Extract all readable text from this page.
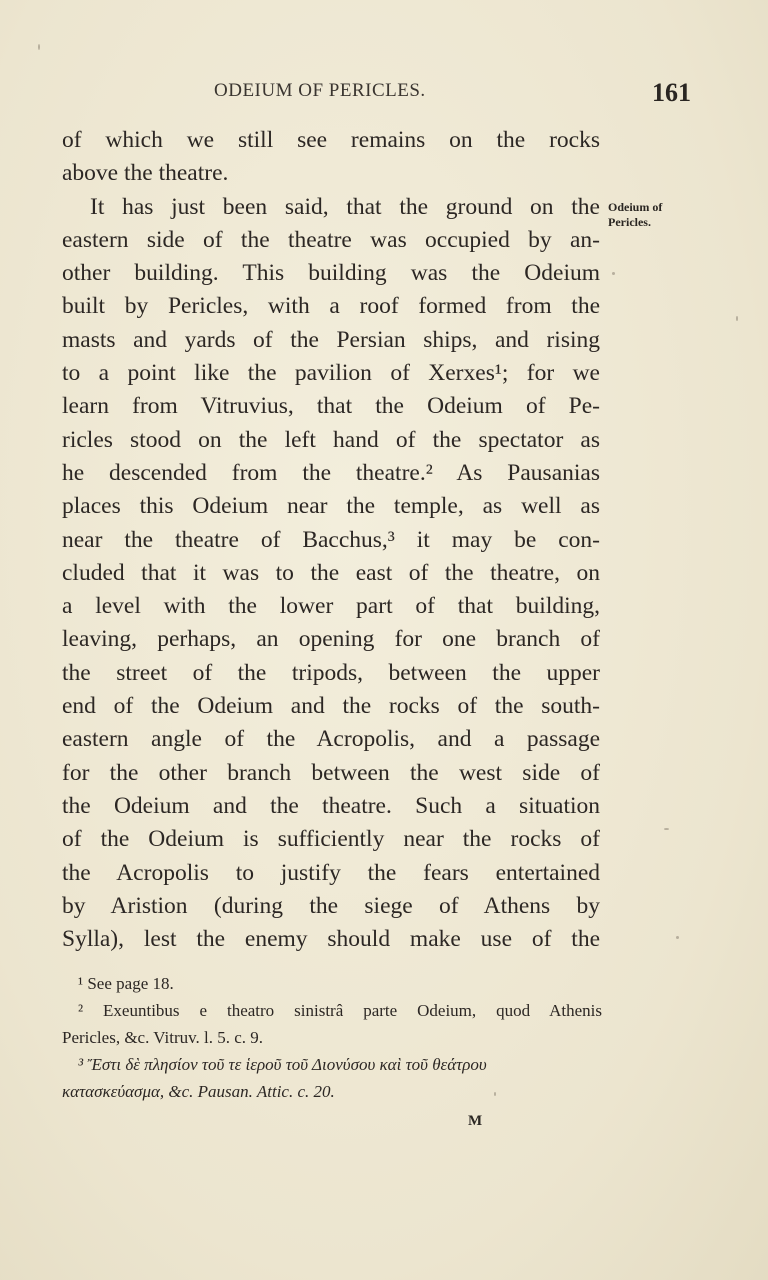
ODEIUM OF PERICLES.	161
Odeium of
Pericles.
of which we still see remains on the rocks
above the theatre.
It has just been said, that the ground on the
eastern side of the theatre was occupied by an-
other building. This building was the Odeium
built by Pericles, with a roof formed from the
masts and yards of the Persian ships, and rising
to a point like the pavilion of Xerxes¹; for we
learn from Vitruvius, that the Odeium of Pe-
ricles stood on the left hand of the spectator as
he descended from the theatre.² As Pausanias
places this Odeium near the temple, as well as
near the theatre of Bacchus,³ it may be con-
cluded that it was to the east of the theatre, on
a level with the lower part of that building,
leaving, perhaps, an opening for one branch of
the street of the tripods, between the upper
end of the Odeium and the rocks of the south-
eastern angle of the Acropolis, and a passage
for the other branch between the west side of
the Odeium and the theatre. Such a situation
of the Odeium is sufficiently near the rocks of
the Acropolis to justify the fears entertained
by Aristion (during the siege of Athens by
Sylla), lest the enemy should make use of the
¹ See page 18.
² Exeuntibus e theatro sinistrâ parte Odeium, quod Athenis
Pericles, &c. Vitruv. l. 5. c. 9.
³ Ἔστι δὲ πλησίον τοῦ τε ἱεροῦ τοῦ Διονύσου καὶ τοῦ θεάτρου
κατασκεύασμα, &c. Pausan. Attic. c. 20.
M
